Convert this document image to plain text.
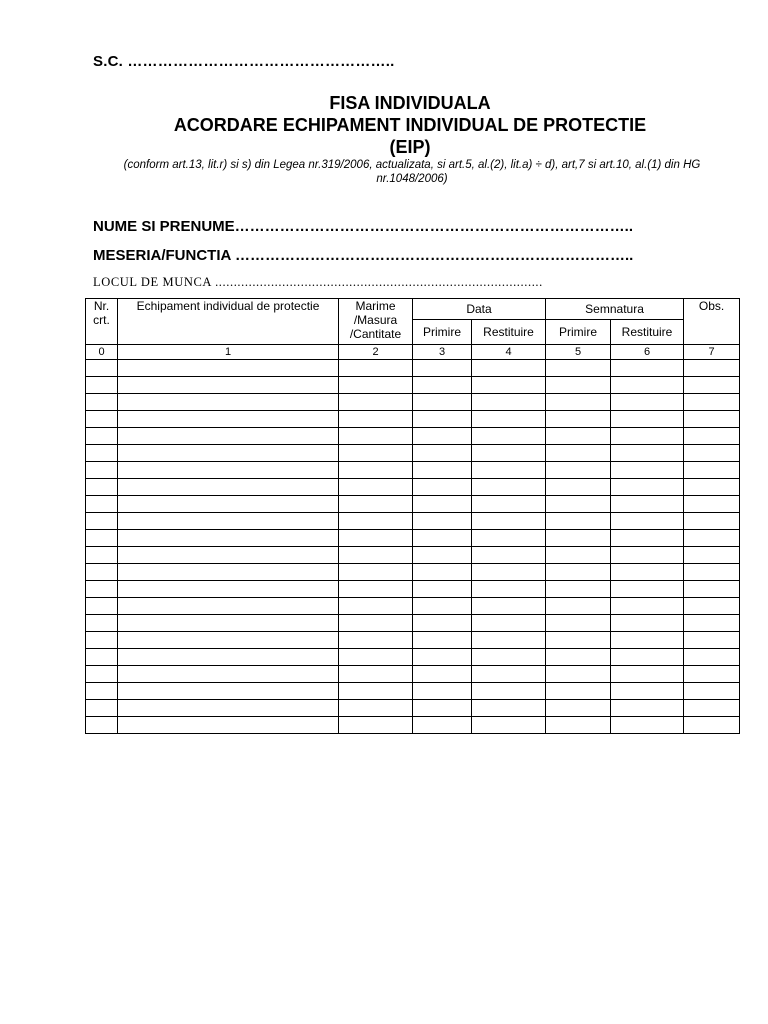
S.C. ……………………………………………..
FISA INDIVIDUALA
ACORDARE ECHIPAMENT INDIVIDUAL DE PROTECTIE
(EIP)
(conform art.13, lit.r) si s) din Legea nr.319/2006, actualizata, si art.5, al.(2), lit.a) ÷ d), art,7 si art.10, al.(1) din HG nr.1048/2006)
NUME SI PRENUME……………………………………………………………………..
MESERIA/FUNCTIA ……………………………………………………………………..
LOCUL DE MUNCA ........................................................................................
Nr. crt.	Echipament individual de protectie	Marime /Masura /Cantitate	Data		Semnatura		Obs.
			Primire	Restituire	Primire	Restituire	
0	1	2	3	4	5	6	7
